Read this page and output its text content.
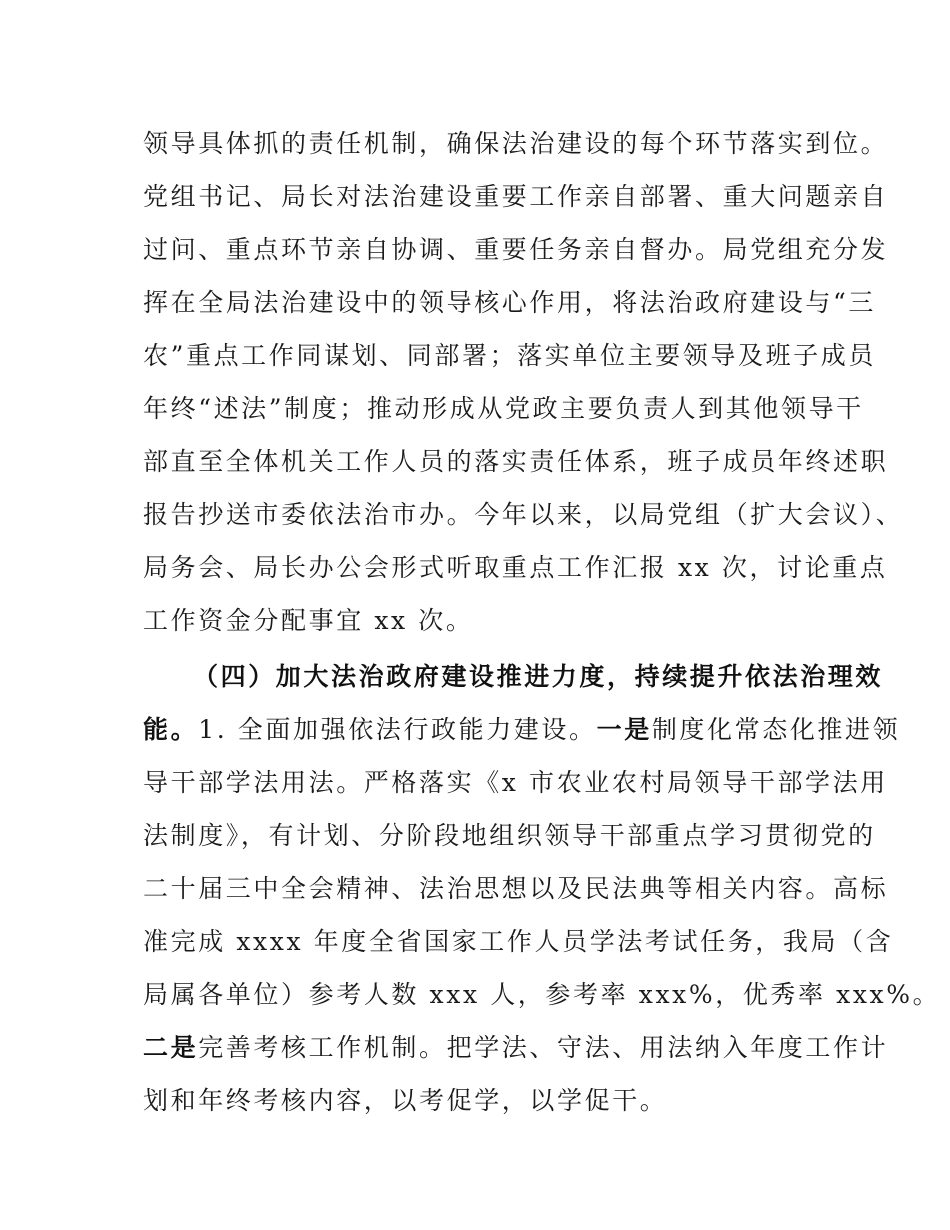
领导具体抓的责任机制，确保法治建设的每个环节落实到位。
党组书记、局长对法治建设重要工作亲自部署、重大问题亲自
过问、重点环节亲自协调、重要任务亲自督办。局党组充分发
挥在全局法治建设中的领导核心作用，将法治政府建设与“三
农”重点工作同谋划、同部署；落实单位主要领导及班子成员
年终“述法”制度；推动形成从党政主要负责人到其他领导干
部直至全体机关工作人员的落实责任体系，班子成员年终述职
报告抄送市委依法治市办。今年以来，以局党组（扩大会议）、
局务会、局长办公会形式听取重点工作汇报 xx 次，讨论重点
工作资金分配事宜 xx 次。
（四）加大法治政府建设推进力度，持续提升依法治理效
能。1. 全面加强依法行政能力建设。一是制度化常态化推进领
导干部学法用法。严格落实《x 市农业农村局领导干部学法用
法制度》，有计划、分阶段地组织领导干部重点学习贯彻党的
二十届三中全会精神、法治思想以及民法典等相关内容。高标
准完成 xxxx 年度全省国家工作人员学法考试任务，我局（含
局属各单位）参考人数 xxx 人，参考率 xxx%，优秀率 xxx%。
二是完善考核工作机制。把学法、守法、用法纳入年度工作计
划和年终考核内容，以考促学，以学促干。
